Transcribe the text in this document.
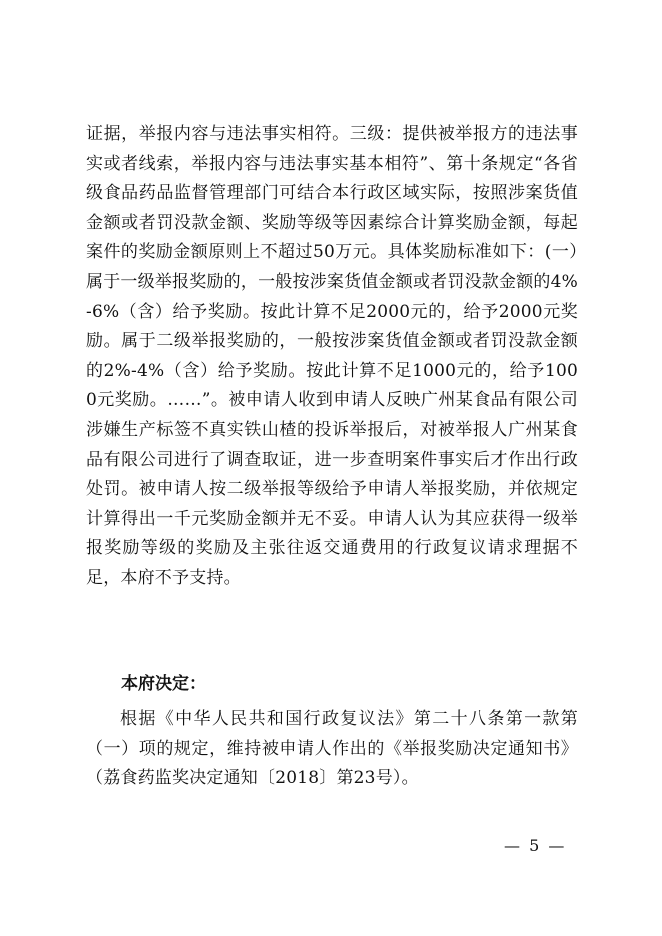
证据，举报内容与违法事实相符。三级：提供被举报方的违法事实或者线索，举报内容与违法事实基本相符”、第十条规定“各省级食品药品监督管理部门可结合本行政区域实际，按照涉案货值金额或者罚没款金额、奖励等级等因素综合计算奖励金额，每起案件的奖励金额原则上不超过50万元。具体奖励标准如下：(一）属于一级举报奖励的，一般按涉案货值金额或者罚没款金额的4%-6%（含）给予奖励。按此计算不足2000元的，给予2000元奖励。属于二级举报奖励的，一般按涉案货值金额或者罚没款金额的2%-4%（含）给予奖励。按此计算不足1000元的，给予1000元奖励。……”。被申请人收到申请人反映广州某食品有限公司涉嫌生产标签不真实铁山楂的投诉举报后，对被举报人广州某食品有限公司进行了调查取证，进一步查明案件事实后才作出行政处罚。被申请人按二级举报等级给予申请人举报奖励，并依规定计算得出一千元奖励金额并无不妥。申请人认为其应获得一级举报奖励等级的奖励及主张往返交通费用的行政复议请求理据不足，本府不予支持。

本府决定：

根据《中华人民共和国行政复议法》第二十八条第一款第（一）项的规定，维持被申请人作出的《举报奖励决定通知书》（荔食药监奖决定通知〔2018〕第23号）。

— 5 —
